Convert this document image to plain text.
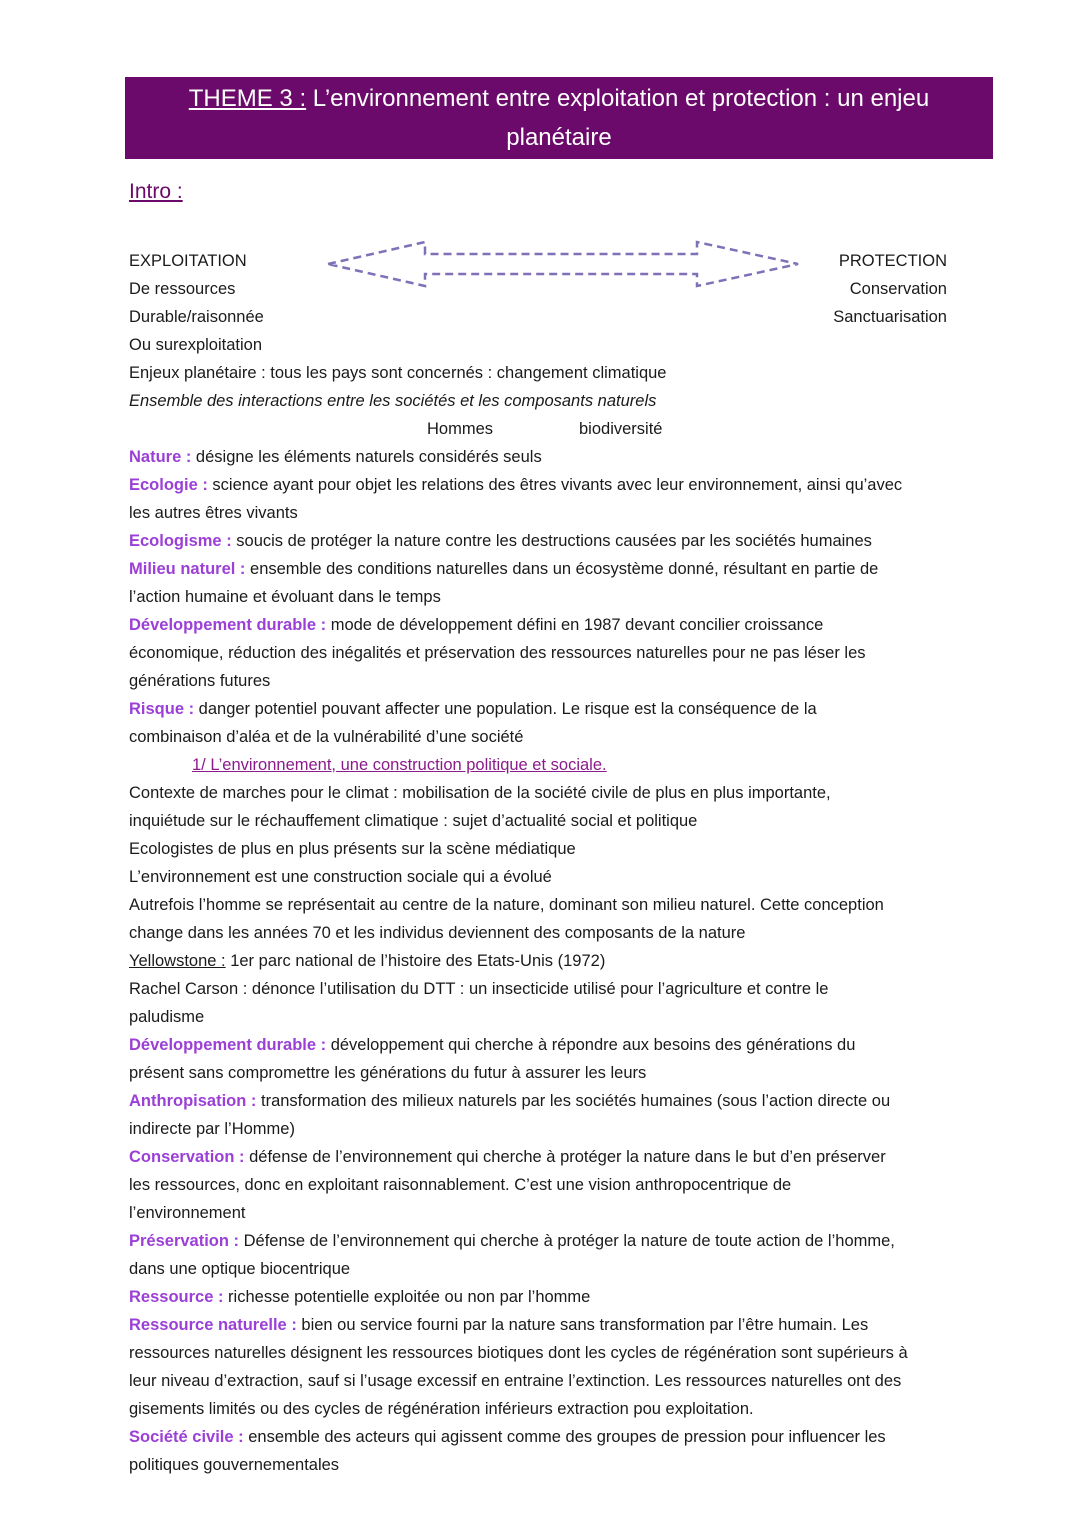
THEME 3 : L’environnement entre exploitation et protection : un enjeu
planétaire
Intro :
EXPLOITATION
De ressources
Durable/raisonnée
Ou surexploitation
PROTECTION
Conservation
Sanctuarisation
Enjeux planétaire : tous les pays sont concernés : changement climatique
Ensemble des interactions entre les sociétés et les composants naturels
Hommes	biodiversité
Nature : désigne les éléments naturels considérés seuls
Ecologie : science ayant pour objet les relations des êtres vivants avec leur environnement, ainsi qu’avec
les autres êtres vivants
Ecologisme : soucis de protéger la nature contre les destructions causées par les sociétés humaines
Milieu naturel : ensemble des conditions naturelles dans un écosystème donné, résultant en partie de
l’action humaine et évoluant dans le temps
Développement durable : mode de développement défini en 1987 devant concilier croissance
économique, réduction des inégalités et préservation des ressources naturelles pour ne pas léser les
générations futures
Risque : danger potentiel pouvant affecter une population. Le risque est la conséquence de la
combinaison d’aléa et de la vulnérabilité d’une société
1/ L’environnement, une construction politique et sociale.
Contexte de marches pour le climat : mobilisation de la société civile de plus en plus importante,
inquiétude sur le réchauffement climatique : sujet d’actualité social et politique
Ecologistes de plus en plus présents sur la scène médiatique
L’environnement est une construction sociale qui a évolué
Autrefois l’homme se représentait au centre de la nature, dominant son milieu naturel. Cette conception
change dans les années 70 et les individus deviennent des composants de la nature
Yellowstone : 1er parc national de l’histoire des Etats-Unis (1972)
Rachel Carson : dénonce l’utilisation du DTT : un insecticide utilisé pour l’agriculture et contre le
paludisme
Développement durable : développement qui cherche à répondre aux besoins des générations du
présent sans compromettre les générations du futur à assurer les leurs
Anthropisation : transformation des milieux naturels par les sociétés humaines (sous l’action directe ou
indirecte par l’Homme)
Conservation : défense de l’environnement qui cherche à protéger la nature dans le but d’en préserver
les ressources, donc en exploitant raisonnablement. C’est une vision anthropocentrique de
l’environnement
Préservation : Défense de l’environnement qui cherche à protéger la nature de toute action de l’homme,
dans une optique biocentrique
Ressource : richesse potentielle exploitée ou non par l’homme
Ressource naturelle : bien ou service fourni par la nature sans transformation par l’être humain. Les
ressources naturelles désignent les ressources biotiques dont les cycles de régénération sont supérieurs à
leur niveau d’extraction, sauf si l’usage excessif en entraine l’extinction. Les ressources naturelles ont des
gisements limités ou des cycles de régénération inférieurs extraction pou exploitation.
Société civile : ensemble des acteurs qui agissent comme des groupes de pression pour influencer les
politiques gouvernementales
